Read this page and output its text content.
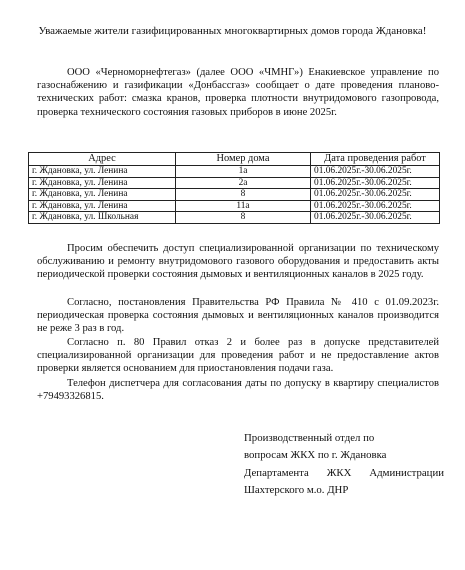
Уважаемые жители газифицированных многоквартирных домов города Ждановка!
ООО «Черноморнефтегаз» (далее ООО «ЧМНГ») Енакиевское управление по газоснабжению и газификации «Донбассгаз» сообщает о дате проведения планово-технических работ: смазка кранов, проверка плотности внутридомового газопровода, проверка технического состояния газовых приборов в июне 2025г.
Адрес	Номер дома	Дата проведения работ
г. Ждановка, ул. Ленина	1а	01.06.2025г.-30.06.2025г.
г. Ждановка, ул. Ленина	2а	01.06.2025г.-30.06.2025г.
г. Ждановка, ул. Ленина	8	01.06.2025г.-30.06.2025г.
г. Ждановка, ул. Ленина	11а	01.06.2025г.-30.06.2025г.
г. Ждановка, ул. Школьная	8	01.06.2025г.-30.06.2025г.
Просим обеспечить доступ специализированной организации по техническому обслуживанию и ремонту внутридомового газового оборудования и предоставить акты периодической проверки состояния дымовых и вентиляционных каналов в 2025 году.
Согласно, постановления Правительства РФ Правила № 410 с 01.09.2023г. периодическая проверка состояния дымовых и вентиляционных каналов производится не реже 3 раз в год.
Согласно п. 80 Правил отказ 2 и более раз в допуске представителей специализированной организации для проведения работ и не предоставление актов проверки является основанием для приостановления подачи газа.
Телефон диспетчера для согласования даты по допуску в квартиру специалистов +79493326815.
Производственный отдел по
вопросам ЖКХ по г. Ждановка
Департамента ЖКХ Администрации
Шахтерского м.о. ДНР
